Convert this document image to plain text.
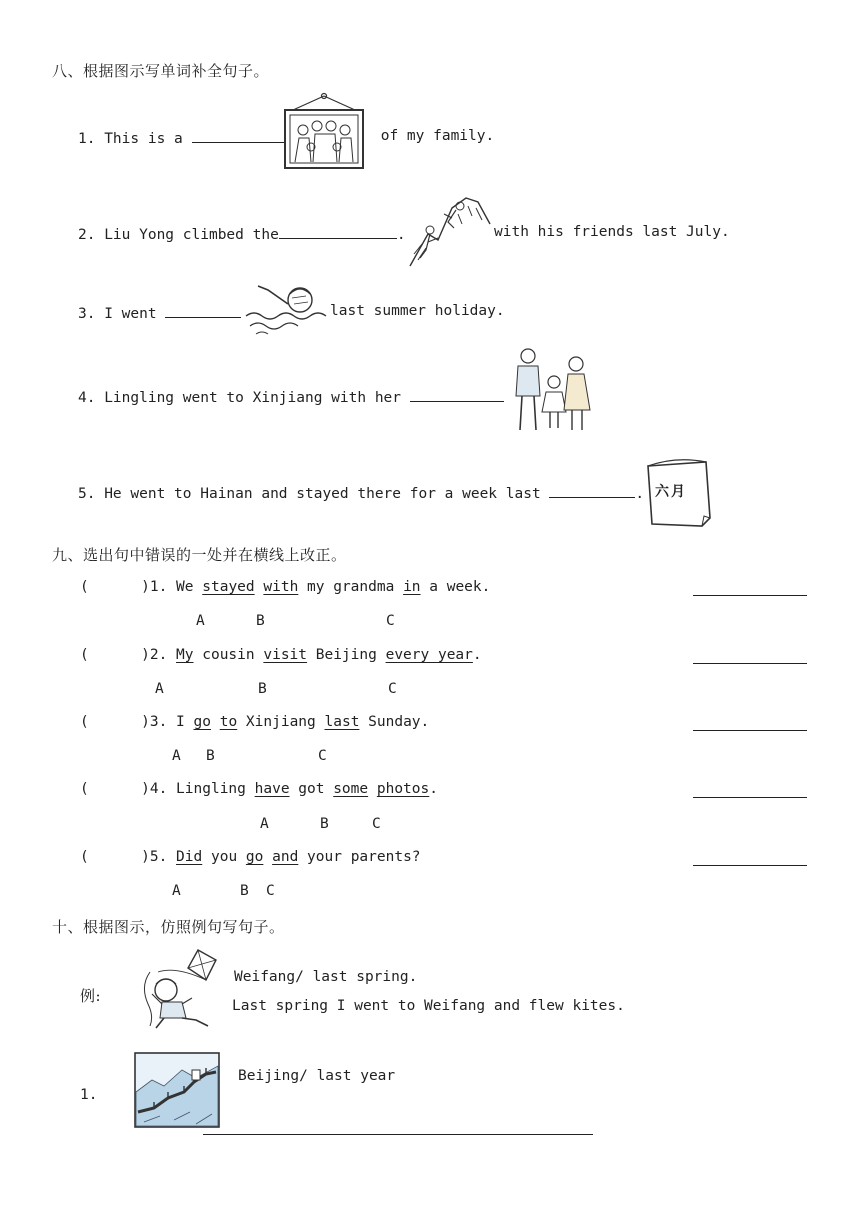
八、根据图示写单词补全句子。
1. This is a	of my family.
2. Liu Yong climbed the	.	with his friends last July.
3. I went	last summer holiday.
4. Lingling went to Xinjiang with her
5. He went to Hainan and stayed there for a week last	. 六月
九、选出句中错误的一处并在横线上改正。
(      )1. We stayed with my grandma in a week.
A	B	C
(      )2. My cousin visit Beijing every year.
A	B	C
(      )3. I go to Xinjiang last Sunday.
A B	C
(      )4. Lingling have got some photos.
A	B	C
(      )5. Did you go and your parents?
A	B C
十、根据图示，仿照例句写句子。
例:
Weifang/ last spring.
Last spring I went to Weifang and flew kites.
1.
Beijing/ last year
